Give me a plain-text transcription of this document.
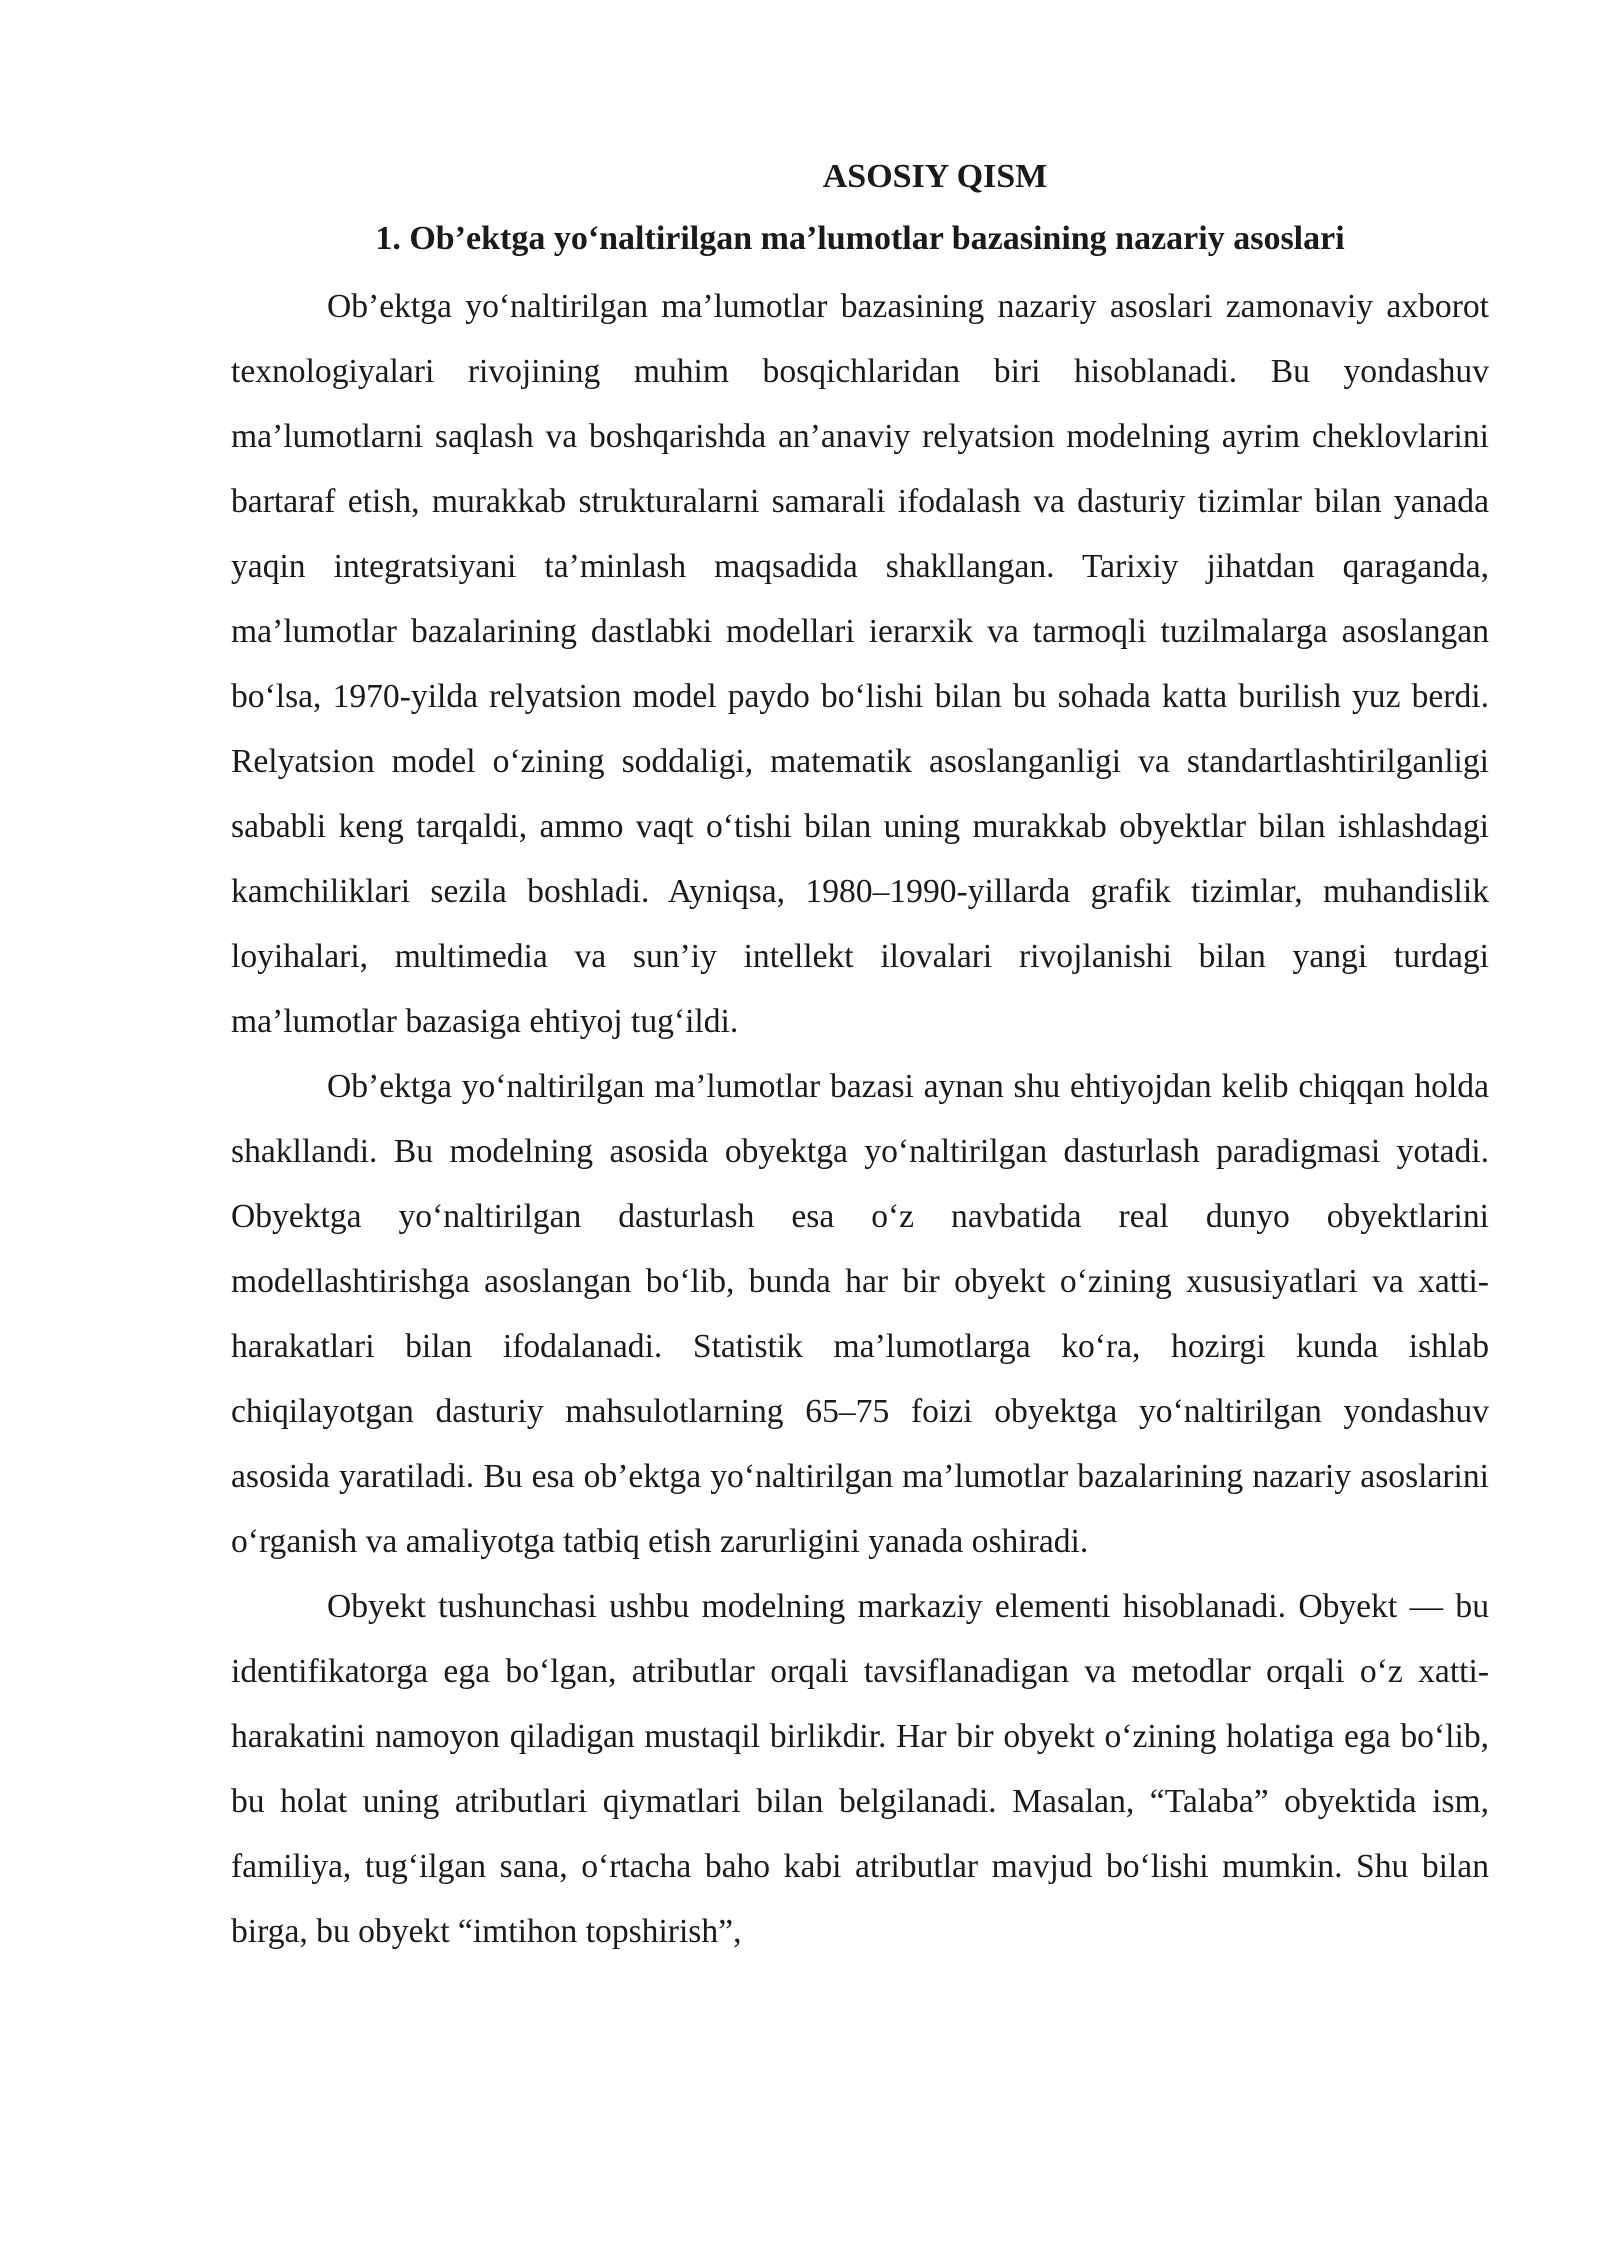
ASOSIY QISM
1. Ob’ektga yo‘naltirilgan ma’lumotlar bazasining nazariy asoslari

Ob’ektga yo‘naltirilgan ma’lumotlar bazasining nazariy asoslari zamonaviy axborot texnologiyalari rivojining muhim bosqichlaridan biri hisoblanadi. Bu yondashuv ma’lumotlarni saqlash va boshqarishda an’anaviy relyatsion modelning ayrim cheklovlarini bartaraf etish, murakkab strukturalarni samarali ifodalash va dasturiy tizimlar bilan yanada yaqin integratsiyani ta’minlash maqsadida shakllangan. Tarixiy jihatdan qaraganda, ma’lumotlar bazalarining dastlabki modellari ierarxik va tarmoqli tuzilmalarga asoslangan bo‘lsa, 1970-yilda relyatsion model paydo bo‘lishi bilan bu sohada katta burilish yuz berdi. Relyatsion model o‘zining soddaligi, matematik asoslanganligi va standartlashtirilganligi sababli keng tarqaldi, ammo vaqt o‘tishi bilan uning murakkab obyektlar bilan ishlashdagi kamchiliklari sezila boshladi. Ayniqsa, 1980–1990-yillarda grafik tizimlar, muhandislik loyihalari, multimedia va sun’iy intellekt ilovalari rivojlanishi bilan yangi turdagi ma’lumotlar bazasiga ehtiyoj tug‘ildi.

Ob’ektga yo‘naltirilgan ma’lumotlar bazasi aynan shu ehtiyojdan kelib chiqqan holda shakllandi. Bu modelning asosida obyektga yo‘naltirilgan dasturlash paradigmasi yotadi. Obyektga yo‘naltirilgan dasturlash esa o‘z navbatida real dunyo obyektlarini modellashtirishga asoslangan bo‘lib, bunda har bir obyekt o‘zining xususiyatlari va xatti-harakatlari bilan ifodalanadi. Statistik ma’lumotlarga ko‘ra, hozirgi kunda ishlab chiqilayotgan dasturiy mahsulotlarning 65–75 foizi obyektga yo‘naltirilgan yondashuv asosida yaratiladi. Bu esa ob’ektga yo‘naltirilgan ma’lumotlar bazalarining nazariy asoslarini o‘rganish va amaliyotga tatbiq etish zarurligini yanada oshiradi.

Obyekt tushunchasi ushbu modelning markaziy elementi hisoblanadi. Obyekt — bu identifikatorga ega bo‘lgan, atributlar orqali tavsiflanadigan va metodlar orqali o‘z xatti-harakatini namoyon qiladigan mustaqil birlikdir. Har bir obyekt o‘zining holatiga ega bo‘lib, bu holat uning atributlari qiymatlari bilan belgilanadi. Masalan, “Talaba” obyektida ism, familiya, tug‘ilgan sana, o‘rtacha baho kabi atributlar mavjud bo‘lishi mumkin. Shu bilan birga, bu obyekt “imtihon topshirish”,
